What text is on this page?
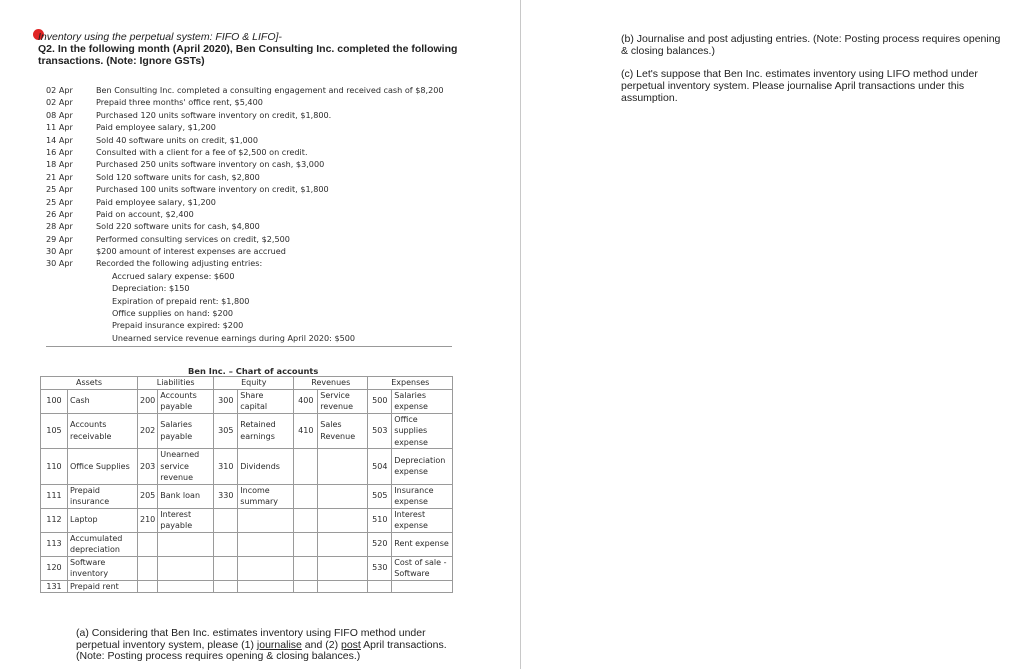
Inventory using the perpetual system: FIFO & LIFO]-
Q2. In the following month (April 2020), Ben Consulting Inc. completed the following
transactions. (Note: Ignore GSTs)
02 Apr	Ben Consulting Inc. completed a consulting engagement and received cash of $8,200
02 Apr	Prepaid three months' office rent, $5,400
08 Apr	Purchased 120 units software inventory on credit, $1,800.
11 Apr	Paid employee salary, $1,200
14 Apr	Sold 40 software units on credit, $1,000
16 Apr	Consulted with a client for a fee of $2,500 on credit.
18 Apr	Purchased 250 units software inventory on cash, $3,000
21 Apr	Sold 120 software units for cash, $2,800
25 Apr	Purchased 100 units software inventory on credit, $1,800
25 Apr	Paid employee salary, $1,200
26 Apr	Paid on account, $2,400
28 Apr	Sold 220 software units for cash, $4,800
29 Apr	Performed consulting services on credit, $2,500
30 Apr	$200 amount of interest expenses are accrued
30 Apr	Recorded the following adjusting entries:
Accrued salary expense: $600
Depreciation: $150
Expiration of prepaid rent: $1,800
Office supplies on hand: $200
Prepaid insurance expired: $200
Unearned service revenue earnings during April 2020: $500
Ben Inc. – Chart of accounts
Assets		Liabilities		Equity		Revenues		Expenses	
100	Cash	200	Accounts payable	300	Share capital	400	Service revenue	500	Salaries expense
105	Accounts receivable	202	Salaries payable	305	Retained earnings	410	Sales Revenue	503	Office supplies expense
110	Office Supplies	203	Unearned service revenue	310	Dividends			504	Depreciation expense
111	Prepaid insurance	205	Bank loan	330	Income summary			505	Insurance expense
112	Laptop	210	Interest payable					510	Interest expense
113	Accumulated depreciation							520	Rent expense
120	Software inventory							530	Cost of sale - Software
131	Prepaid rent								
(b) Journalise and post adjusting entries. (Note: Posting process requires opening & closing balances.)
(c) Let's suppose that Ben Inc. estimates inventory using LIFO method under perpetual inventory system. Please journalise April transactions under this assumption.
(a) Considering that Ben Inc. estimates inventory using FIFO method under perpetual inventory system, please (1) journalise and (2) post April transactions. (Note: Posting process requires opening & closing balances.)
